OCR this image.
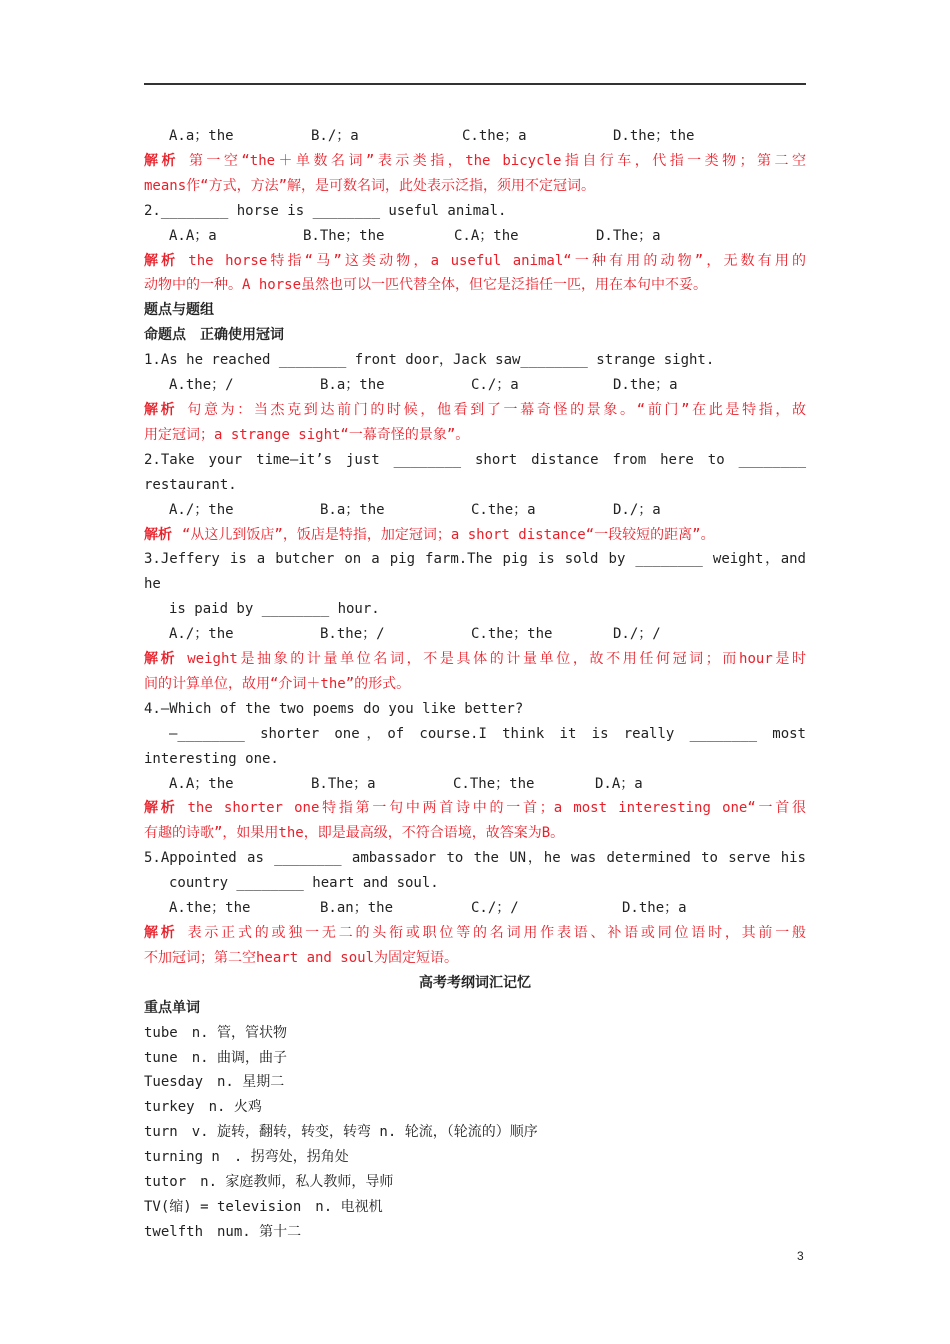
A.a；the	B./；a	C.the；a	D.the；the
解析 第一空“the＋单数名词”表示类指，the bicycle指自行车，代指一类物；第二空
means作“方式，方法”解，是可数名词，此处表示泛指，须用不定冠词。
2.________ horse is ________ useful animal.
A.A；a	B.The；the	C.A；the	D.The；a
解析 the horse特指“马”这类动物，a useful animal“一种有用的动物”，无数有用的
动物中的一种。A horse虽然也可以一匹代替全体，但它是泛指任一匹，用在本句中不妥。
题点与题组
命题点　正确使用冠词
1.As he reached ________ front door，Jack saw________ strange sight.
A.the；/	B.a；the	C./；a	D.the；a
解析 句意为：当杰克到达前门的时候，他看到了一幕奇怪的景象。“前门”在此是特指，故
用定冠词；a strange sight“一幕奇怪的景象”。
2.Take your time—it’s just ________ short distance from here to ________
restaurant.
A./；the	B.a；the	C.the；a	D./；a
解析 “从这儿到饭店”，饭店是特指，加定冠词；a short distance“一段较短的距离”。
3.Jeffery is a butcher on a pig farm.The pig is sold by ________ weight，and he
is paid by ________ hour.
A./；the	B.the；/	C.the；the	D./；/
解析 weight是抽象的计量单位名词，不是具体的计量单位，故不用任何冠词；而hour是时
间的计算单位，故用“介词＋the”的形式。
4.—Which of the two poems do you like better?
—________ shorter one，of course.I think it is really ________ most
interesting one.
A.A；the	B.The；a	C.The；the	D.A；a
解析 the shorter one特指第一句中两首诗中的一首；a most interesting one“一首很
有趣的诗歌”，如果用the，即是最高级，不符合语境，故答案为B。
5.Appointed as ________ ambassador to the UN，he was determined to serve his
country ________ heart and soul.
A.the；the	B.an；the	C./；/	D.the；a
解析 表示正式的或独一无二的头衔或职位等的名词用作表语、补语或同位语时，其前一般
不加冠词；第二空heart and soul为固定短语。
高考考纲词汇记忆
重点单词
tube　n. 管，管状物
tune　n. 曲调，曲子
Tuesday　n. 星期二
turkey　n. 火鸡
turn　v. 旋转，翻转，转变，转弯 n. 轮流，（轮流的）顺序
turning n　. 拐弯处，拐角处
tutor　n. 家庭教师，私人教师，导师
TV(缩) = television　n. 电视机
twelfth　num. 第十二
3
